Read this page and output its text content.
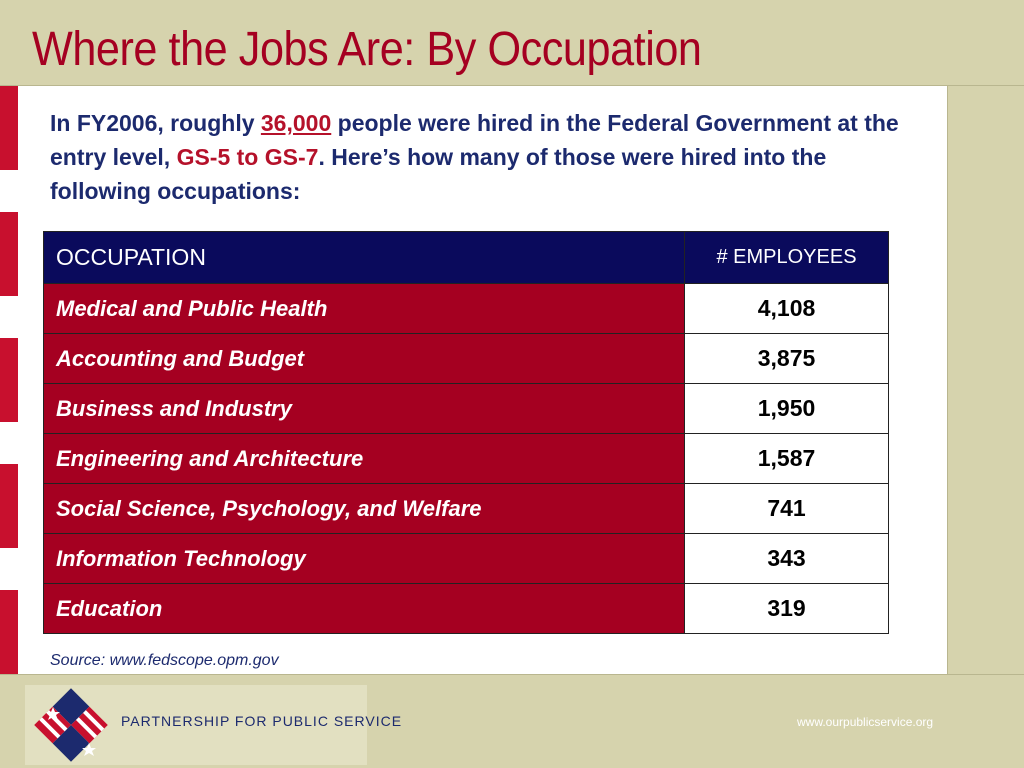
Where the Jobs Are: By Occupation

In FY2006, roughly 36,000 people were hired in the Federal Government at the entry level, GS-5 to GS-7. Here’s how many of those were hired into the following occupations:

OCCUPATION	# EMPLOYEES
Medical and Public Health	4,108
Accounting and Budget	3,875
Business and Industry	1,950
Engineering and Architecture	1,587
Social Science, Psychology, and Welfare	741
Information Technology	343
Education	319

Source: www.fedscope.opm.gov

PARTNERSHIP FOR PUBLIC SERVICE	www.ourpublicservice.org
